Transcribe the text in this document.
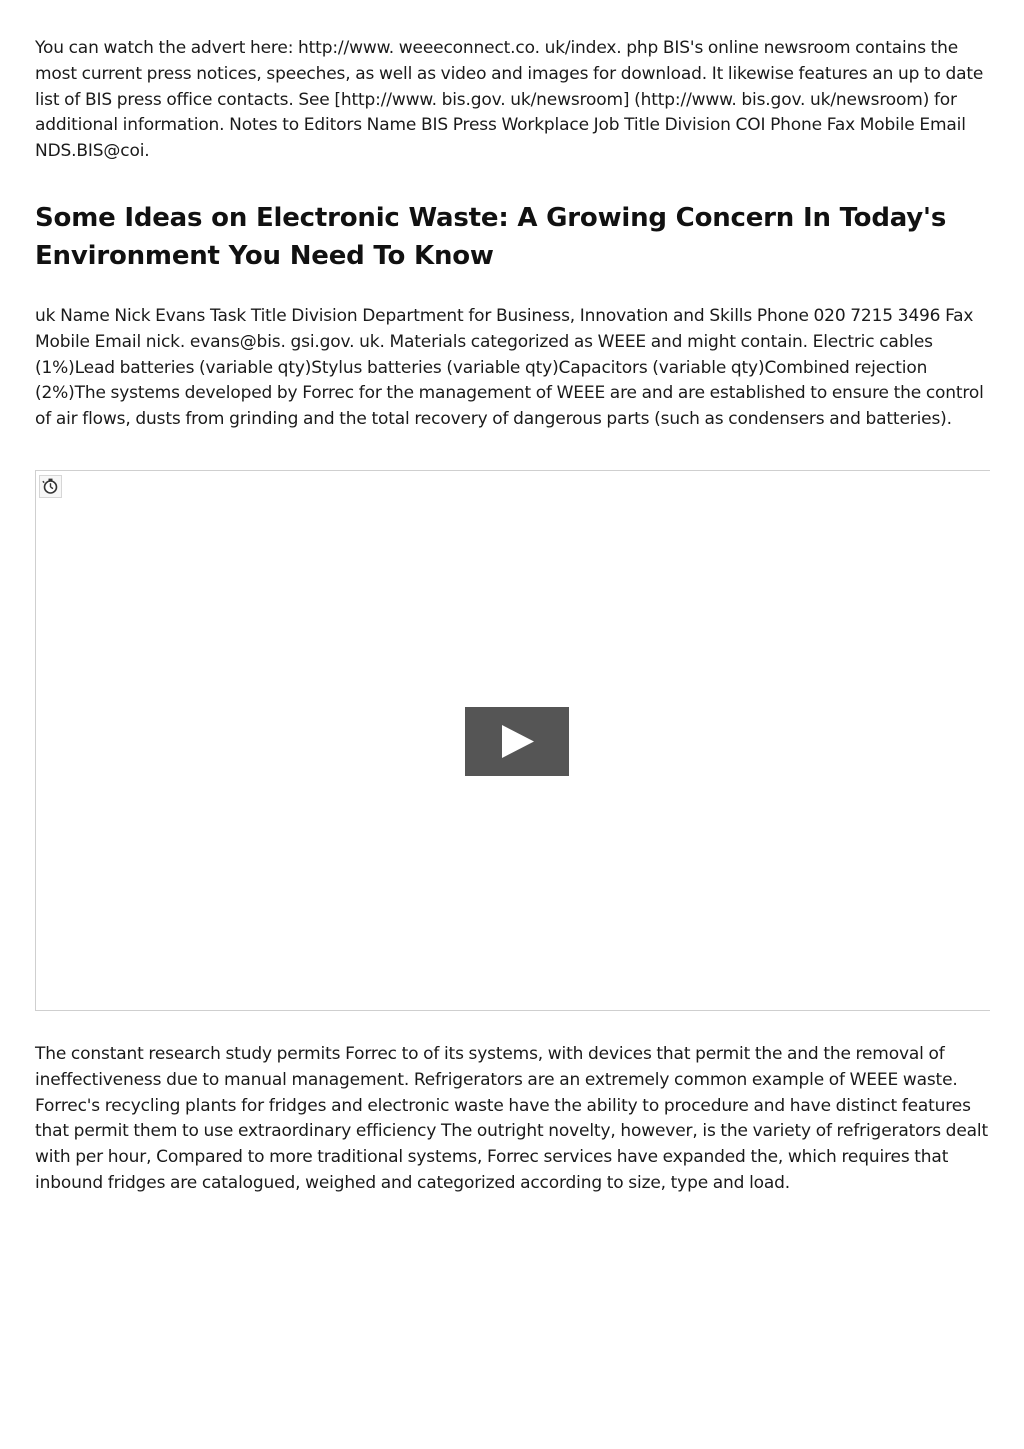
You can watch the advert here: http://www. weeeconnect.co. uk/index. php BIS's online newsroom contains the most current press notices, speeches, as well as video and images for download. It likewise features an up to date list of BIS press office contacts. See [http://www. bis.gov. uk/newsroom] (http://www. bis.gov. uk/newsroom) for additional information. Notes to Editors Name BIS Press Workplace Job Title Division COI Phone Fax Mobile Email NDS.BIS@coi.

Some Ideas on Electronic Waste: A Growing Concern In Today's Environment You Need To Know

uk Name Nick Evans Task Title Division Department for Business, Innovation and Skills Phone 020 7215 3496 Fax Mobile Email nick. evans@bis. gsi.gov. uk. Materials categorized as WEEE and might contain. Electric cables (1%)Lead batteries (variable qty)Stylus batteries (variable qty)Capacitors (variable qty)Combined rejection (2%)The systems developed by Forrec for the management of WEEE are and are established to ensure the control of air flows, dusts from grinding and the total recovery of dangerous parts (such as condensers and batteries).

The constant research study permits Forrec to of its systems, with devices that permit the and the removal of ineffectiveness due to manual management. Refrigerators are an extremely common example of WEEE waste. Forrec's recycling plants for fridges and electronic waste have the ability to procedure and have distinct features that permit them to use extraordinary efficiency The outright novelty, however, is the variety of refrigerators dealt with per hour, Compared to more traditional systems, Forrec services have expanded the, which requires that inbound fridges are catalogued, weighed and categorized according to size, type and load.
